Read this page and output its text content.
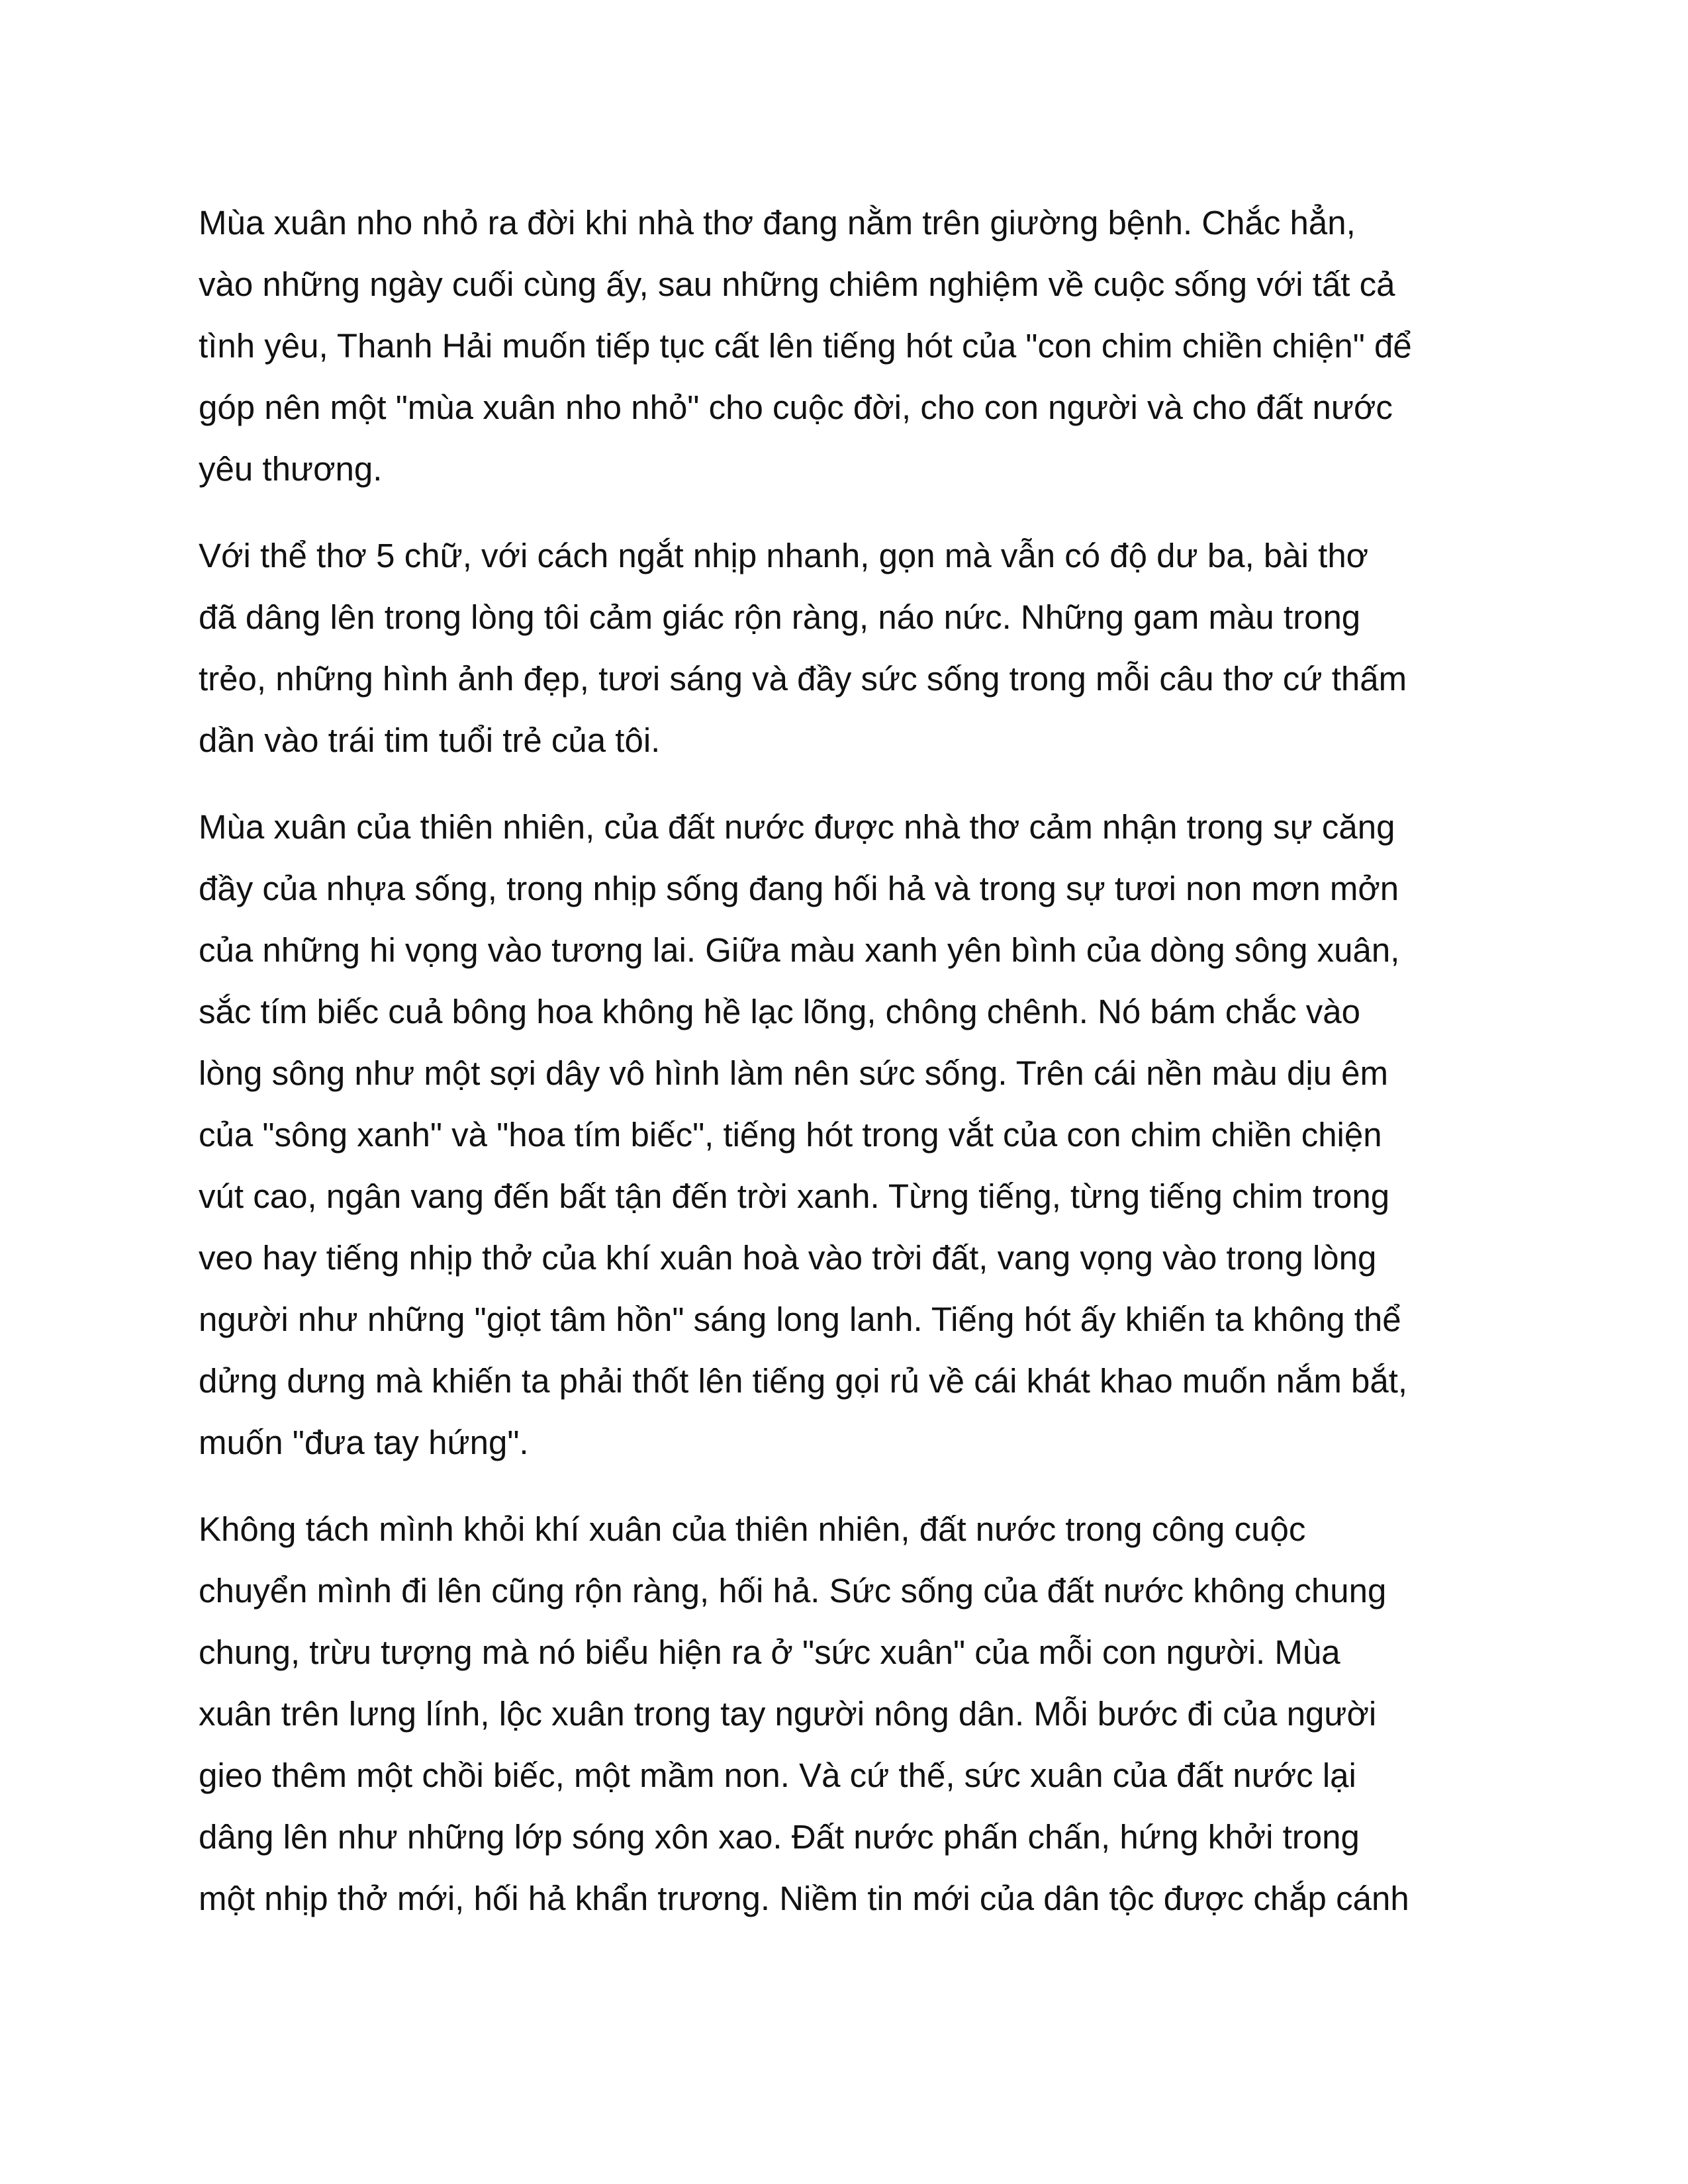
Mùa xuân nho nhỏ ra đời khi nhà thơ đang nằm trên giường bệnh. Chắc hẳn,
vào những ngày cuối cùng ấy, sau những chiêm nghiệm về cuộc sống với tất cả
tình yêu, Thanh Hải muốn tiếp tục cất lên tiếng hót của "con chim chiền chiện" để
góp nên một "mùa xuân nho nhỏ" cho cuộc đời, cho con người và cho đất nước
yêu thương.

Với thể thơ 5 chữ, với cách ngắt nhịp nhanh, gọn mà vẫn có độ dư ba, bài thơ
đã dâng lên trong lòng tôi cảm giác rộn ràng, náo nức. Những gam màu trong
trẻo, những hình ảnh đẹp, tươi sáng và đầy sức sống trong mỗi câu thơ cứ thấm
dần vào trái tim tuổi trẻ của tôi.

Mùa xuân của thiên nhiên, của đất nước được nhà thơ cảm nhận trong sự căng
đầy của nhựa sống, trong nhịp sống đang hối hả và trong sự tươi non mơn mởn
của những hi vọng vào tương lai. Giữa màu xanh yên bình của dòng sông xuân,
sắc tím biếc cuả bông hoa không hề lạc lõng, chông chênh. Nó bám chắc vào
lòng sông như một sợi dây vô hình làm nên sức sống. Trên cái nền màu dịu êm
của "sông xanh" và "hoa tím biếc", tiếng hót trong vắt của con chim chiền chiện
vút cao, ngân vang đến bất tận đến trời xanh. Từng tiếng, từng tiếng chim trong
veo hay tiếng nhịp thở của khí xuân hoà vào trời đất, vang vọng vào trong lòng
người như những "giọt tâm hồn" sáng long lanh. Tiếng hót ấy khiến ta không thể
dửng dưng mà khiến ta phải thốt lên tiếng gọi rủ về cái khát khao muốn nắm bắt,
muốn "đưa tay hứng".

Không tách mình khỏi khí xuân của thiên nhiên, đất nước trong công cuộc
chuyển mình đi lên cũng rộn ràng, hối hả. Sức sống của đất nước không chung
chung, trừu tượng mà nó biểu hiện ra ở "sức xuân" của mỗi con người. Mùa
xuân trên lưng lính, lộc xuân trong tay người nông dân. Mỗi bước đi của người
gieo thêm một chồi biếc, một mầm non. Và cứ thế, sức xuân của đất nước lại
dâng lên như những lớp sóng xôn xao. Đất nước phấn chấn, hứng khởi trong
một nhịp thở mới, hối hả khẩn trương. Niềm tin mới của dân tộc được chắp cánh
